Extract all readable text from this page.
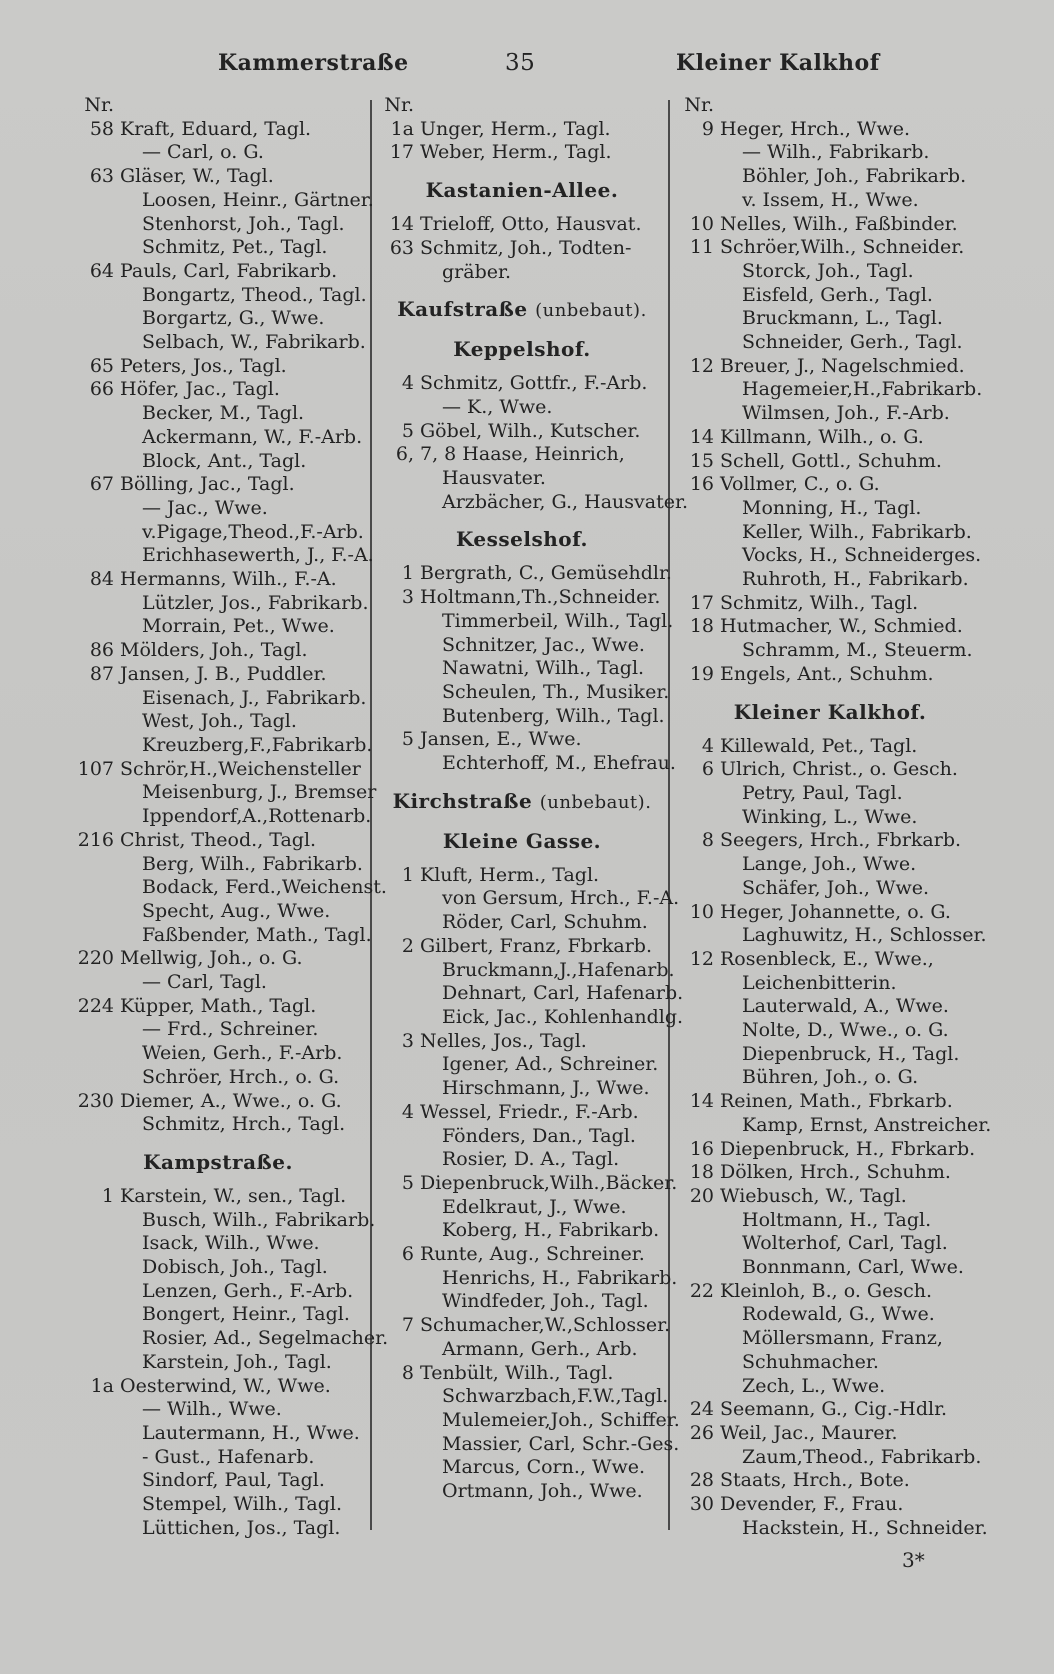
Kammerstraße	35	Kleiner Kalkhof
Nr.
58 Kraft, Eduard, Tagl.
— Carl, o. G.
63 Gläser, W., Tagl.
Loosen, Heinr., Gärtner.
Stenhorst, Joh., Tagl.
Schmitz, Pet., Tagl.
64 Pauls, Carl, Fabrikarb.
Bongartz, Theod., Tagl.
Borgartz, G., Wwe.
Selbach, W., Fabrikarb.
65 Peters, Jos., Tagl.
66 Höfer, Jac., Tagl.
Becker, M., Tagl.
Ackermann, W., F.-Arb.
Block, Ant., Tagl.
67 Bölling, Jac., Tagl.
— Jac., Wwe.
v.Pigage,Theod.,F.-Arb.
Erichhasewerth, J., F.-A.
84 Hermanns, Wilh., F.-A.
Lützler, Jos., Fabrikarb.
Morrain, Pet., Wwe.
86 Mölders, Joh., Tagl.
87 Jansen, J. B., Puddler.
Eisenach, J., Fabrikarb.
West, Joh., Tagl.
Kreuzberg,F.,Fabrikarb.
107 Schrör,H.,Weichensteller
Meisenburg, J., Bremser
Ippendorf,A.,Rottenarb.
216 Christ, Theod., Tagl.
Berg, Wilh., Fabrikarb.
Bodack, Ferd.,Weichenst.
Specht, Aug., Wwe.
Faßbender, Math., Tagl.
220 Mellwig, Joh., o. G.
— Carl, Tagl.
224 Küpper, Math., Tagl.
— Frd., Schreiner.
Weien, Gerh., F.-Arb.
Schröer, Hrch., o. G.
230 Diemer, A., Wwe., o. G.
Schmitz, Hrch., Tagl.
Kampstraße.
1 Karstein, W., sen., Tagl.
Busch, Wilh., Fabrikarb.
Isack, Wilh., Wwe.
Dobisch, Joh., Tagl.
Lenzen, Gerh., F.-Arb.
Bongert, Heinr., Tagl.
Rosier, Ad., Segelmacher.
Karstein, Joh., Tagl.
1a Oesterwind, W., Wwe.
— Wilh., Wwe.
Lautermann, H., Wwe.
- Gust., Hafenarb.
Sindorf, Paul, Tagl.
Stempel, Wilh., Tagl.
Lüttichen, Jos., Tagl.
Nr.
1a Unger, Herm., Tagl.
17 Weber, Herm., Tagl.
Kastanien-Allee.
14 Trieloff, Otto, Hausvat.
63 Schmitz, Joh., Todten-
gräber.
Kaufstraße (unbebaut).
Keppelshof.
4 Schmitz, Gottfr., F.-Arb.
— K., Wwe.
5 Göbel, Wilh., Kutscher.
6, 7, 8 Haase, Heinrich,
Hausvater.
Arzbächer, G., Hausvater.
Kesselshof.
1 Bergrath, C., Gemüsehdlr.
3 Holtmann,Th.,Schneider.
Timmerbeil, Wilh., Tagl.
Schnitzer, Jac., Wwe.
Nawatni, Wilh., Tagl.
Scheulen, Th., Musiker.
Butenberg, Wilh., Tagl.
5 Jansen, E., Wwe.
Echterhoff, M., Ehefrau.
Kirchstraße (unbebaut).
Kleine Gasse.
1 Kluft, Herm., Tagl.
von Gersum, Hrch., F.-A.
Röder, Carl, Schuhm.
2 Gilbert, Franz, Fbrkarb.
Bruckmann,J.,Hafenarb.
Dehnart, Carl, Hafenarb.
Eick, Jac., Kohlenhandlg.
3 Nelles, Jos., Tagl.
Igener, Ad., Schreiner.
Hirschmann, J., Wwe.
4 Wessel, Friedr., F.-Arb.
Fönders, Dan., Tagl.
Rosier, D. A., Tagl.
5 Diepenbruck,Wilh.,Bäcker.
Edelkraut, J., Wwe.
Koberg, H., Fabrikarb.
6 Runte, Aug., Schreiner.
Henrichs, H., Fabrikarb.
Windfeder, Joh., Tagl.
7 Schumacher,W.,Schlosser.
Armann, Gerh., Arb.
8 Tenbült, Wilh., Tagl.
Schwarzbach,F.W.,Tagl.
Mulemeier,Joh., Schiffer.
Massier, Carl, Schr.-Ges.
Marcus, Corn., Wwe.
Ortmann, Joh., Wwe.
Nr.
9 Heger, Hrch., Wwe.
— Wilh., Fabrikarb.
Böhler, Joh., Fabrikarb.
v. Issem, H., Wwe.
10 Nelles, Wilh., Faßbinder.
11 Schröer,Wilh., Schneider.
Storck, Joh., Tagl.
Eisfeld, Gerh., Tagl.
Bruckmann, L., Tagl.
Schneider, Gerh., Tagl.
12 Breuer, J., Nagelschmied.
Hagemeier,H.,Fabrikarb.
Wilmsen, Joh., F.-Arb.
14 Killmann, Wilh., o. G.
15 Schell, Gottl., Schuhm.
16 Vollmer, C., o. G.
Monning, H., Tagl.
Keller, Wilh., Fabrikarb.
Vocks, H., Schneiderges.
Ruhroth, H., Fabrikarb.
17 Schmitz, Wilh., Tagl.
18 Hutmacher, W., Schmied.
Schramm, M., Steuerm.
19 Engels, Ant., Schuhm.
Kleiner Kalkhof.
4 Killewald, Pet., Tagl.
6 Ulrich, Christ., o. Gesch.
Petry, Paul, Tagl.
Winking, L., Wwe.
8 Seegers, Hrch., Fbrkarb.
Lange, Joh., Wwe.
Schäfer, Joh., Wwe.
10 Heger, Johannette, o. G.
Laghuwitz, H., Schlosser.
12 Rosenbleck, E., Wwe.,
Leichenbitterin.
Lauterwald, A., Wwe.
Nolte, D., Wwe., o. G.
Diepenbruck, H., Tagl.
Bühren, Joh., o. G.
14 Reinen, Math., Fbrkarb.
Kamp, Ernst, Anstreicher.
16 Diepenbruck, H., Fbrkarb.
18 Dölken, Hrch., Schuhm.
20 Wiebusch, W., Tagl.
Holtmann, H., Tagl.
Wolterhof, Carl, Tagl.
Bonnmann, Carl, Wwe.
22 Kleinloh, B., o. Gesch.
Rodewald, G., Wwe.
Möllersmann, Franz,
Schuhmacher.
Zech, L., Wwe.
24 Seemann, G., Cig.-Hdlr.
26 Weil, Jac., Maurer.
Zaum,Theod., Fabrikarb.
28 Staats, Hrch., Bote.
30 Devender, F., Frau.
Hackstein, H., Schneider.
3*
